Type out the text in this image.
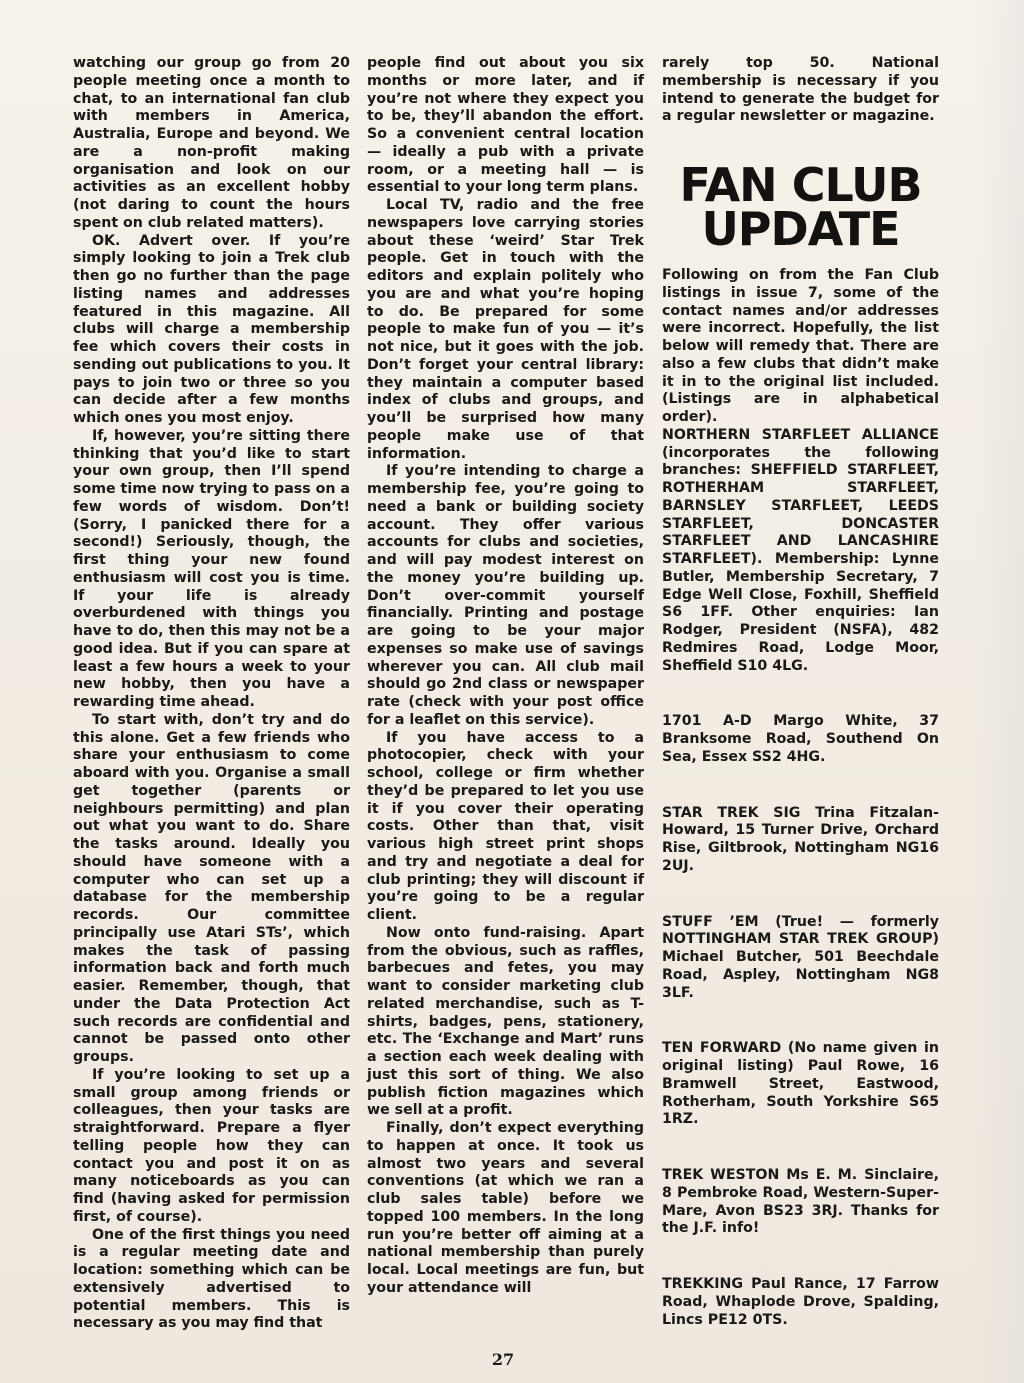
watching our group go from 20 people meeting once a month to chat, to an international fan club with members in America, Australia, Europe and beyond. We are a non-profit making organisation and look on our activities as an excellent hobby (not daring to count the hours spent on club related matters).

OK. Advert over. If you’re simply looking to join a Trek club then go no further than the page listing names and addresses featured in this magazine. All clubs will charge a membership fee which covers their costs in sending out publications to you. It pays to join two or three so you can decide after a few months which ones you most enjoy.

If, however, you’re sitting there thinking that you’d like to start your own group, then I’ll spend some time now trying to pass on a few words of wisdom. Don’t! (Sorry, I panicked there for a second!) Seriously, though, the first thing your new found enthusiasm will cost you is time. If your life is already overburdened with things you have to do, then this may not be a good idea. But if you can spare at least a few hours a week to your new hobby, then you have a rewarding time ahead.

To start with, don’t try and do this alone. Get a few friends who share your enthusiasm to come aboard with you. Organise a small get together (parents or neighbours permitting) and plan out what you want to do. Share the tasks around. Ideally you should have someone with a computer who can set up a database for the membership records. Our committee principally use Atari STs’, which makes the task of passing information back and forth much easier. Remember, though, that under the Data Protection Act such records are confidential and cannot be passed onto other groups.

If you’re looking to set up a small group among friends or colleagues, then your tasks are straightforward. Prepare a flyer telling people how they can contact you and post it on as many noticeboards as you can find (having asked for permission first, of course).

One of the first things you need is a regular meeting date and location: something which can be extensively advertised to potential members. This is necessary as you may find that

people find out about you six months or more later, and if you’re not where they expect you to be, they’ll abandon the effort. So a convenient central location — ideally a pub with a private room, or a meeting hall — is essential to your long term plans.

Local TV, radio and the free newspapers love carrying stories about these ‘weird’ Star Trek people. Get in touch with the editors and explain politely who you are and what you’re hoping to do. Be prepared for some people to make fun of you — it’s not nice, but it goes with the job. Don’t forget your central library: they maintain a computer based index of clubs and groups, and you’ll be surprised how many people make use of that information.

If you’re intending to charge a membership fee, you’re going to need a bank or building society account. They offer various accounts for clubs and societies, and will pay modest interest on the money you’re building up. Don’t over-commit yourself financially. Printing and postage are going to be your major expenses so make use of savings wherever you can. All club mail should go 2nd class or newspaper rate (check with your post office for a leaflet on this service).

If you have access to a photocopier, check with your school, college or firm whether they’d be prepared to let you use it if you cover their operating costs. Other than that, visit various high street print shops and try and negotiate a deal for club printing; they will discount if you’re going to be a regular client.

Now onto fund-raising. Apart from the obvious, such as raffles, barbecues and fetes, you may want to consider marketing club related merchandise, such as T-shirts, badges, pens, stationery, etc. The ‘Exchange and Mart’ runs a section each week dealing with just this sort of thing. We also publish fiction magazines which we sell at a profit.

Finally, don’t expect everything to happen at once. It took us almost two years and several conventions (at which we ran a club sales table) before we topped 100 members. In the long run you’re better off aiming at a national membership than purely local. Local meetings are fun, but your attendance will

rarely top 50. National membership is necessary if you intend to generate the budget for a regular newsletter or magazine.

FAN CLUB
UPDATE

Following on from the Fan Club listings in issue 7, some of the contact names and/or addresses were incorrect. Hopefully, the list below will remedy that. There are also a few clubs that didn’t make it in to the original list included. (Listings are in alphabetical order).

NORTHERN STARFLEET ALLIANCE (incorporates the following branches: SHEFFIELD STARFLEET, ROTHERHAM STARFLEET, BARNSLEY STARFLEET, LEEDS STARFLEET, DONCASTER STARFLEET AND LANCASHIRE STARFLEET). Membership: Lynne Butler, Membership Secretary, 7 Edge Well Close, Foxhill, Sheffield S6 1FF. Other enquiries: Ian Rodger, President (NSFA), 482 Redmires Road, Lodge Moor, Sheffield S10 4LG.

1701 A-D Margo White, 37 Branksome Road, Southend On Sea, Essex SS2 4HG.

STAR TREK SIG Trina Fitzalan-Howard, 15 Turner Drive, Orchard Rise, Giltbrook, Nottingham NG16 2UJ.

STUFF ’EM (True! — formerly NOTTINGHAM STAR TREK GROUP) Michael Butcher, 501 Beechdale Road, Aspley, Nottingham NG8 3LF.

TEN FORWARD (No name given in original listing) Paul Rowe, 16 Bramwell Street, Eastwood, Rotherham, South Yorkshire S65 1RZ.

TREK WESTON Ms E. M. Sinclaire, 8 Pembroke Road, Western-Super-Mare, Avon BS23 3RJ. Thanks for the J.F. info!

TREKKING Paul Rance, 17 Farrow Road, Whaplode Drove, Spalding, Lincs PE12 0TS.

27
